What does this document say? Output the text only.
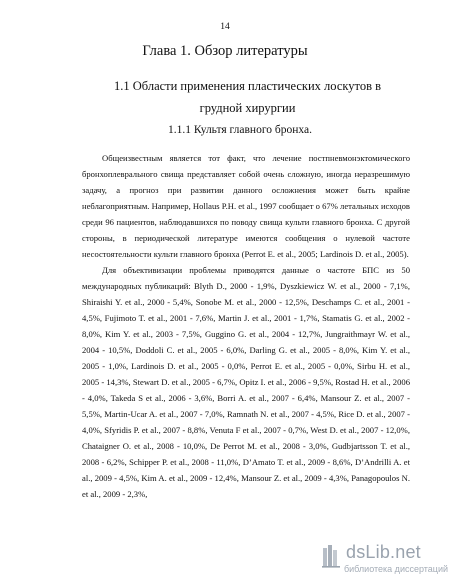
14
Глава 1. Обзор литературы
1.1 Области применения пластических лоскутов в грудной хирургии
1.1.1 Культя главного бронха.

Общеизвестным является тот факт, что лечение постпневмонэктомического бронхоплеврального свища представляет собой очень сложную, иногда неразрешимую задачу, а прогноз при развитии данного осложнения может быть крайне неблагоприятным. Например, Hollaus P.H. et al., 1997 сообщает о 67% летальных исходов среди 96 пациентов, наблюдавшихся по поводу свища культи главного бронха. С другой стороны, в периодической литературе имеются сообщения о нулевой частоте несостоятельности культи главного бронха (Perrot E. et al., 2005; Lardinois D. et al., 2005).

Для объективизации проблемы приводятся данные о частоте БПС из 50 международных публикаций: Blyth D., 2000 - 1,9%, Dyszkiewicz W. et al., 2000 - 7,1%, Shiraishi Y. et al., 2000 - 5,4%, Sonobe M. et al., 2000 - 12,5%, Deschamps C. et al., 2001 - 4,5%, Fujimoto T. et al., 2001 - 7,6%, Martin J. et al., 2001 - 1,7%, Stamatis G. et al., 2002 - 8,0%, Kim Y. et al., 2003 - 7,5%, Guggino G. et al., 2004 - 12,7%, Jungraithmayr W. et al., 2004 - 10,5%, Doddoli C. et al., 2005 - 6,0%, Darling G. et al., 2005 - 8,0%, Kim Y. et al., 2005 - 1,0%, Lardinois D. et al., 2005 - 0,0%, Perrot E. et al., 2005 - 0,0%, Sirbu H. et al., 2005 - 14,3%, Stewart D. et al., 2005 - 6,7%, Opitz I. et al., 2006 - 9,5%, Rostad H. et al., 2006 - 4,0%, Takeda S et al., 2006 - 3,6%, Borri A. et al., 2007 - 6,4%, Mansour Z. et al., 2007 - 5,5%, Martin-Ucar A. et al., 2007 - 7,0%, Ramnath N. et al., 2007 - 4,5%, Rice D. et al., 2007 - 4,0%, Sfyridis P. et al., 2007 - 8,8%, Venuta F et al., 2007 - 0,7%, West D. et al., 2007 - 12,0%, Chataigner O. et al., 2008 - 10,0%, De Perrot M. et al., 2008 - 3,0%, Gudbjartsson T. et al., 2008 - 6,2%, Schipper P. et al., 2008 - 11,0%, D’Amato T. et al., 2009 - 8,6%, D’Andrilli A. et al., 2009 - 4,5%, Kim A. et al., 2009 - 12,4%, Mansour Z. et al., 2009 - 4,3%, Panagopoulos N. et al., 2009 - 2,3%,

dsLib.net
библиотека диссертаций
